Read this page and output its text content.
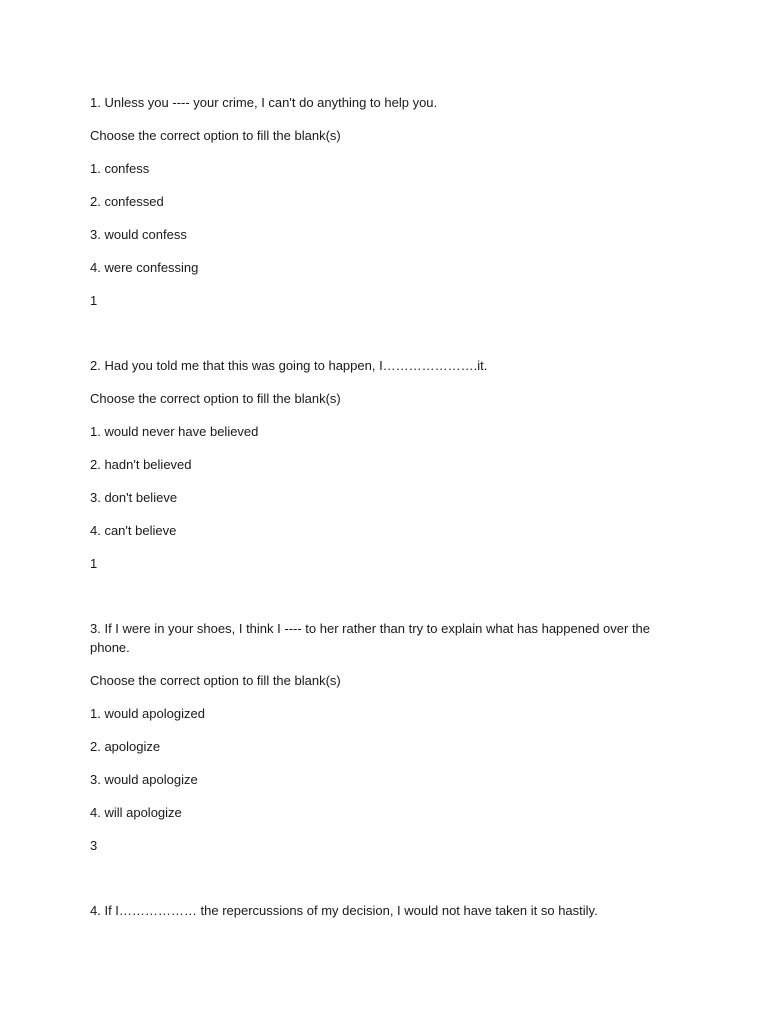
1. Unless you ---- your crime, I can't do anything to help you.

Choose the correct option to fill the blank(s)

1. confess

2. confessed

3. would confess

4. were confessing

1

2. Had you told me that this was going to happen, I………………….it.

Choose the correct option to fill the blank(s)

1. would never have believed

2. hadn't believed

3. don't believe

4. can't believe

1

3. If I were in your shoes, I think I ---- to her rather than try to explain what has happened over the phone.

Choose the correct option to fill the blank(s)

1. would apologized

2. apologize

3. would apologize

4. will apologize

3

4. If I……………… the repercussions of my decision, I would not have taken it so hastily.
